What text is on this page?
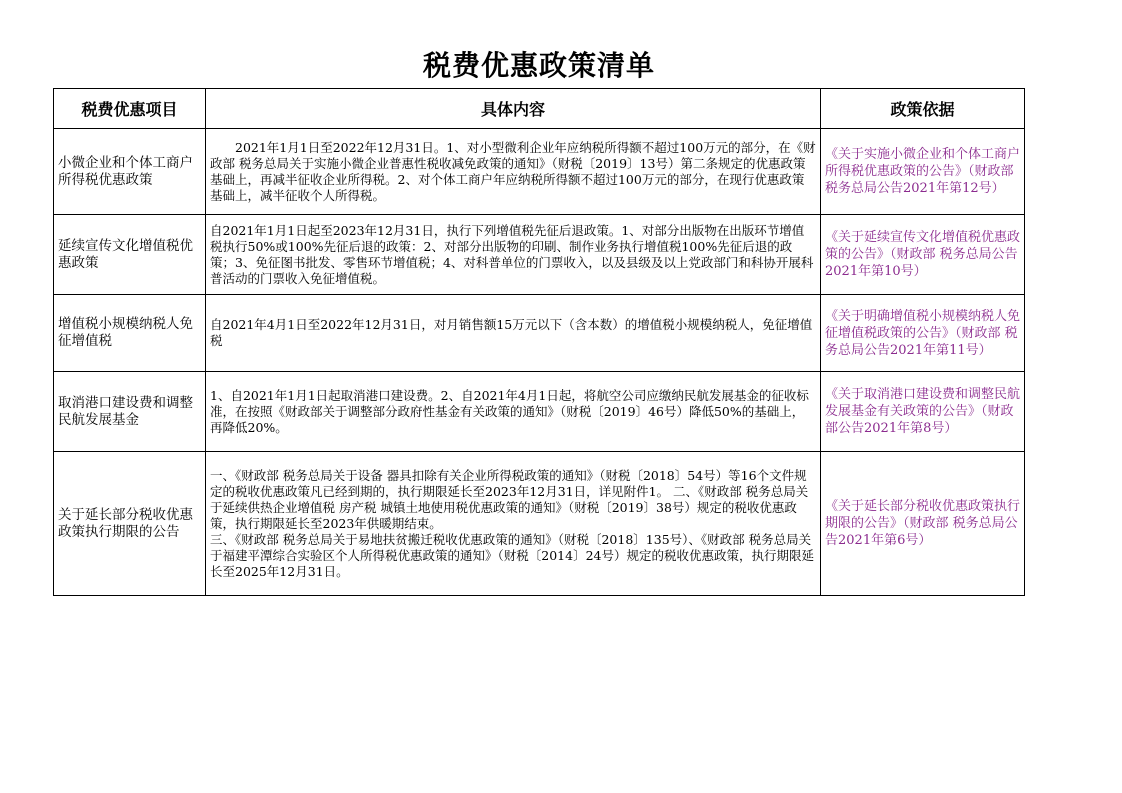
税费优惠政策清单
税费优惠项目	具体内容	政策依据
小微企业和个体工商户所得税优惠政策	2021年1月1日至2022年12月31日。1、对小型微利企业年应纳税所得额不超过100万元的部分，在《财政部 税务总局关于实施小微企业普惠性税收减免政策的通知》（财税〔2019〕13号）第二条规定的优惠政策基础上，再减半征收企业所得税。2、对个体工商户年应纳税所得额不超过100万元的部分，在现行优惠政策基础上，减半征收个人所得税。	《关于实施小微企业和个体工商户所得税优惠政策的公告》（财政部 税务总局公告2021年第12号）
延续宣传文化增值税优惠政策	自2021年1月1日起至2023年12月31日，执行下列增值税先征后退政策。1、对部分出版物在出版环节增值税执行50%或100%先征后退的政策：2、对部分出版物的印刷、制作业务执行增值税100%先征后退的政策；3、免征图书批发、零售环节增值税；4、对科普单位的门票收入，以及县级及以上党政部门和科协开展科普活动的门票收入免征增值税。	《关于延续宣传文化增值税优惠政策的公告》（财政部 税务总局公告2021年第10号）
增值税小规模纳税人免征增值税	自2021年4月1日至2022年12月31日，对月销售额15万元以下（含本数）的增值税小规模纳税人，免征增值税	《关于明确增值税小规模纳税人免征增值税政策的公告》（财政部 税务总局公告2021年第11号）
取消港口建设费和调整民航发展基金	1、自2021年1月1日起取消港口建设费。2、自2021年4月1日起，将航空公司应缴纳民航发展基金的征收标准，在按照《财政部关于调整部分政府性基金有关政策的通知》（财税〔2019〕46号）降低50%的基础上，再降低20%。	《关于取消港口建设费和调整民航发展基金有关政策的公告》（财政部公告2021年第8号）
关于延长部分税收优惠政策执行期限的公告	一、《财政部 税务总局关于设备 器具扣除有关企业所得税政策的通知》（财税〔2018〕54号）等16个文件规定的税收优惠政策凡已经到期的，执行期限延长至2023年12月31日，详见附件1。 二、《财政部 税务总局关于延续供热企业增值税 房产税 城镇土地使用税优惠政策的通知》（财税〔2019〕38号）规定的税收优惠政策，执行期限延长至2023年供暖期结束。
三、《财政部 税务总局关于易地扶贫搬迁税收优惠政策的通知》（财税〔2018〕135号）、《财政部 税务总局关于福建平潭综合实验区个人所得税优惠政策的通知》（财税〔2014〕24号）规定的税收优惠政策，执行期限延长至2025年12月31日。	《关于延长部分税收优惠政策执行期限的公告》（财政部 税务总局公告2021年第6号）
